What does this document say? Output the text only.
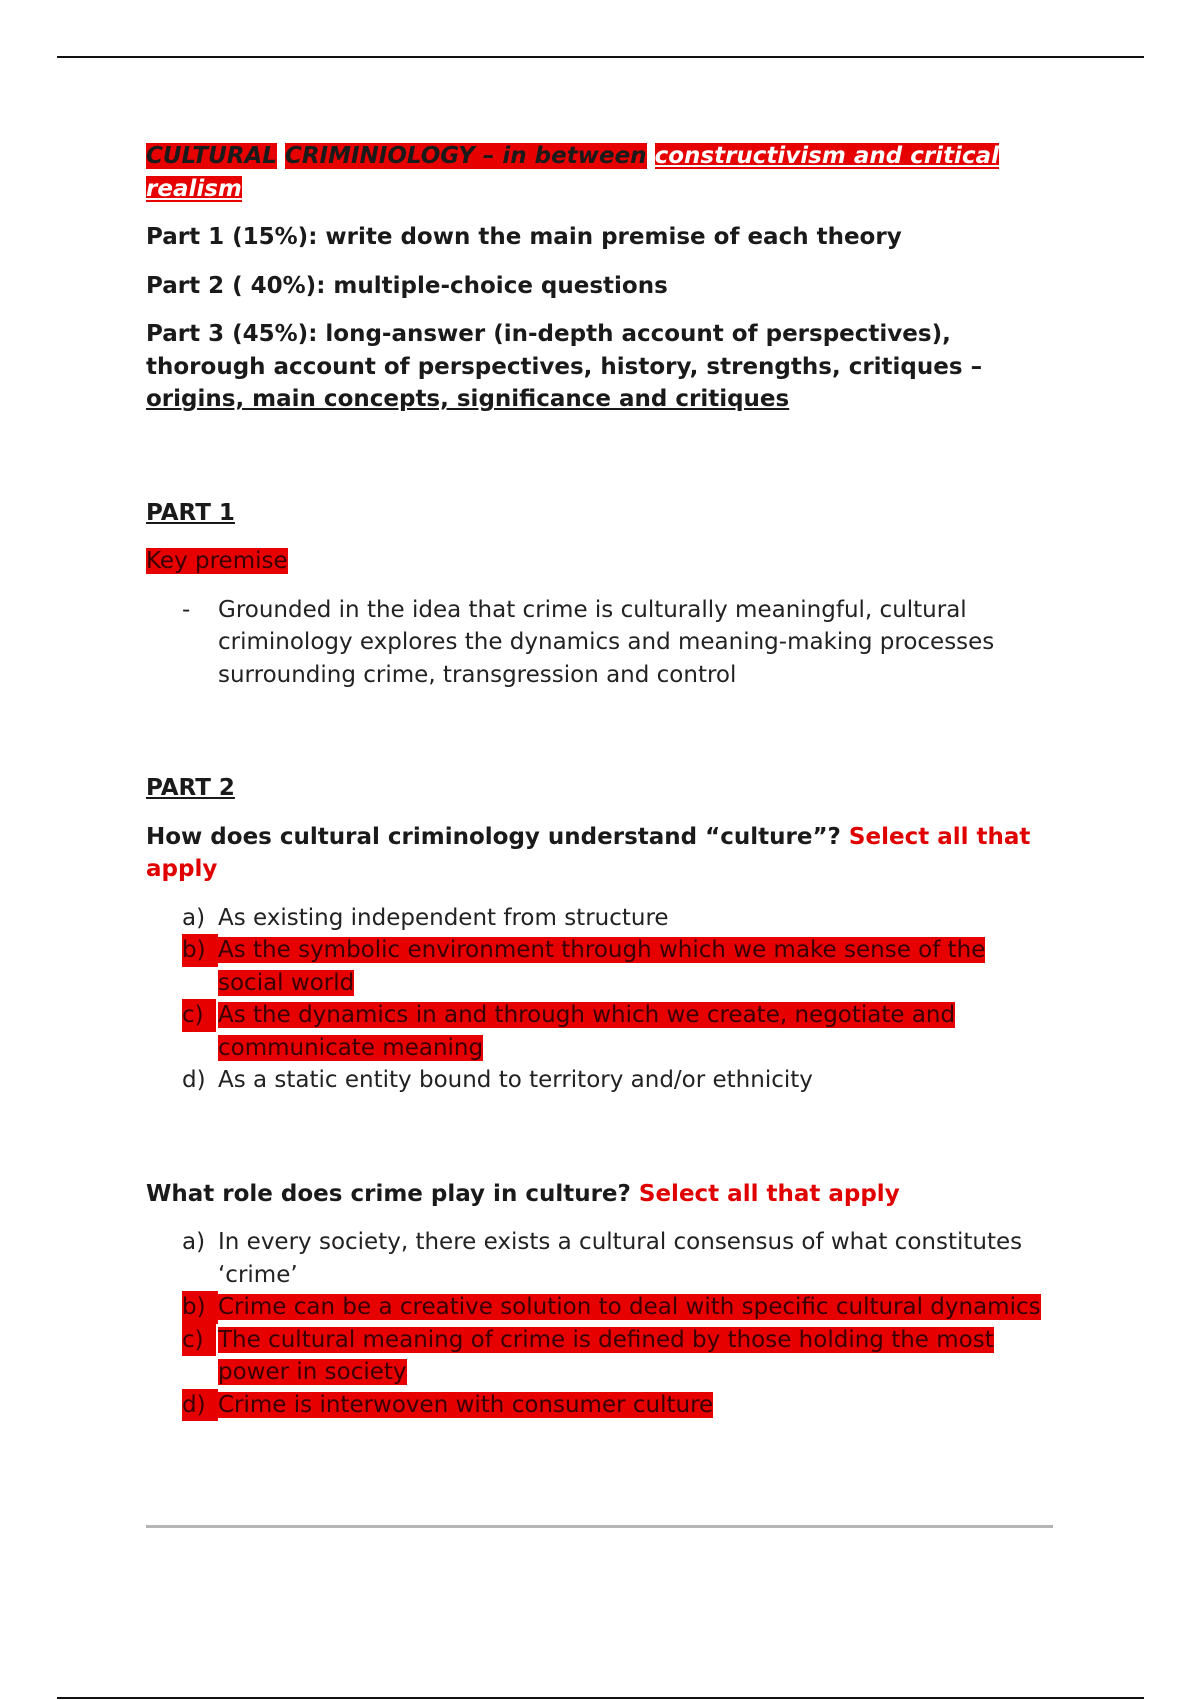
CULTURAL CRIMINIOLOGY – in between constructivism and critical
realism

Part 1 (15%): write down the main premise of each theory

Part 2 ( 40%): multiple-choice questions

Part 3 (45%): long-answer (in-depth account of perspectives), thorough account of perspectives, history, strengths, critiques –
origins, main concepts, significance and critiques

PART 1

Key premise

- Grounded in the idea that crime is culturally meaningful, cultural criminology explores the dynamics and meaning-making processes surrounding crime, transgression and control

PART 2

How does cultural criminology understand “culture”? Select all that apply

a) As existing independent from structure
b) As the symbolic environment through which we make sense of the social world
c) As the dynamics in and through which we create, negotiate and communicate meaning
d) As a static entity bound to territory and/or ethnicity

What role does crime play in culture? Select all that apply

a) In every society, there exists a cultural consensus of what constitutes ‘crime’
b) Crime can be a creative solution to deal with specific cultural dynamics
c) The cultural meaning of crime is defined by those holding the most power in society
d) Crime is interwoven with consumer culture
